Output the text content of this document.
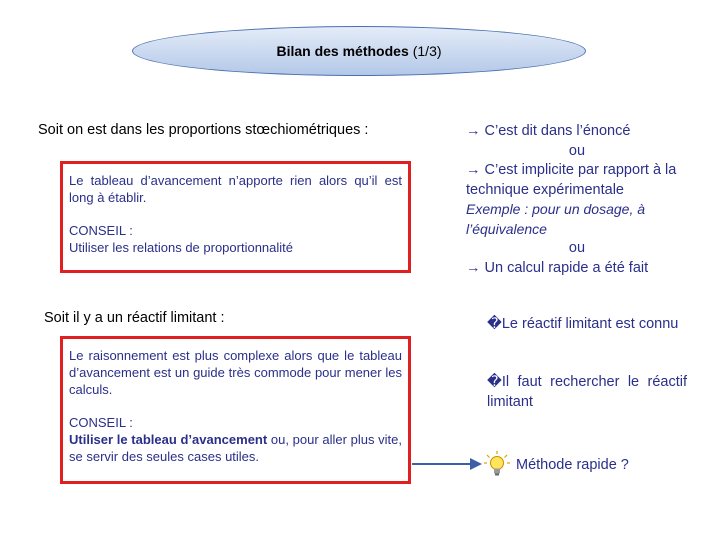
Bilan des méthodes (1/3)
Soit on est dans les proportions stœchiométriques :

Le tableau d’avancement n’apporte rien alors qu’il est long à établir.

CONSEIL :

Utiliser les relations de proportionnalité

Soit il y a un réactif limitant :

Le raisonnement est plus complexe alors que le tableau d’avancement est un guide très commode pour mener les calculs.

CONSEIL :

Utiliser le tableau d’avancement ou, pour aller plus vite, se servir des seules cases utiles.

→ C’est dit dans l’énoncé
ou
→ C’est implicite par rapport à la technique expérimentale
Exemple : pour un dosage, à l’équivalence
ou
→ Un calcul rapide a été fait
�Le réactif limitant est connu
�Il faut rechercher le réactif limitant
Méthode rapide ?
